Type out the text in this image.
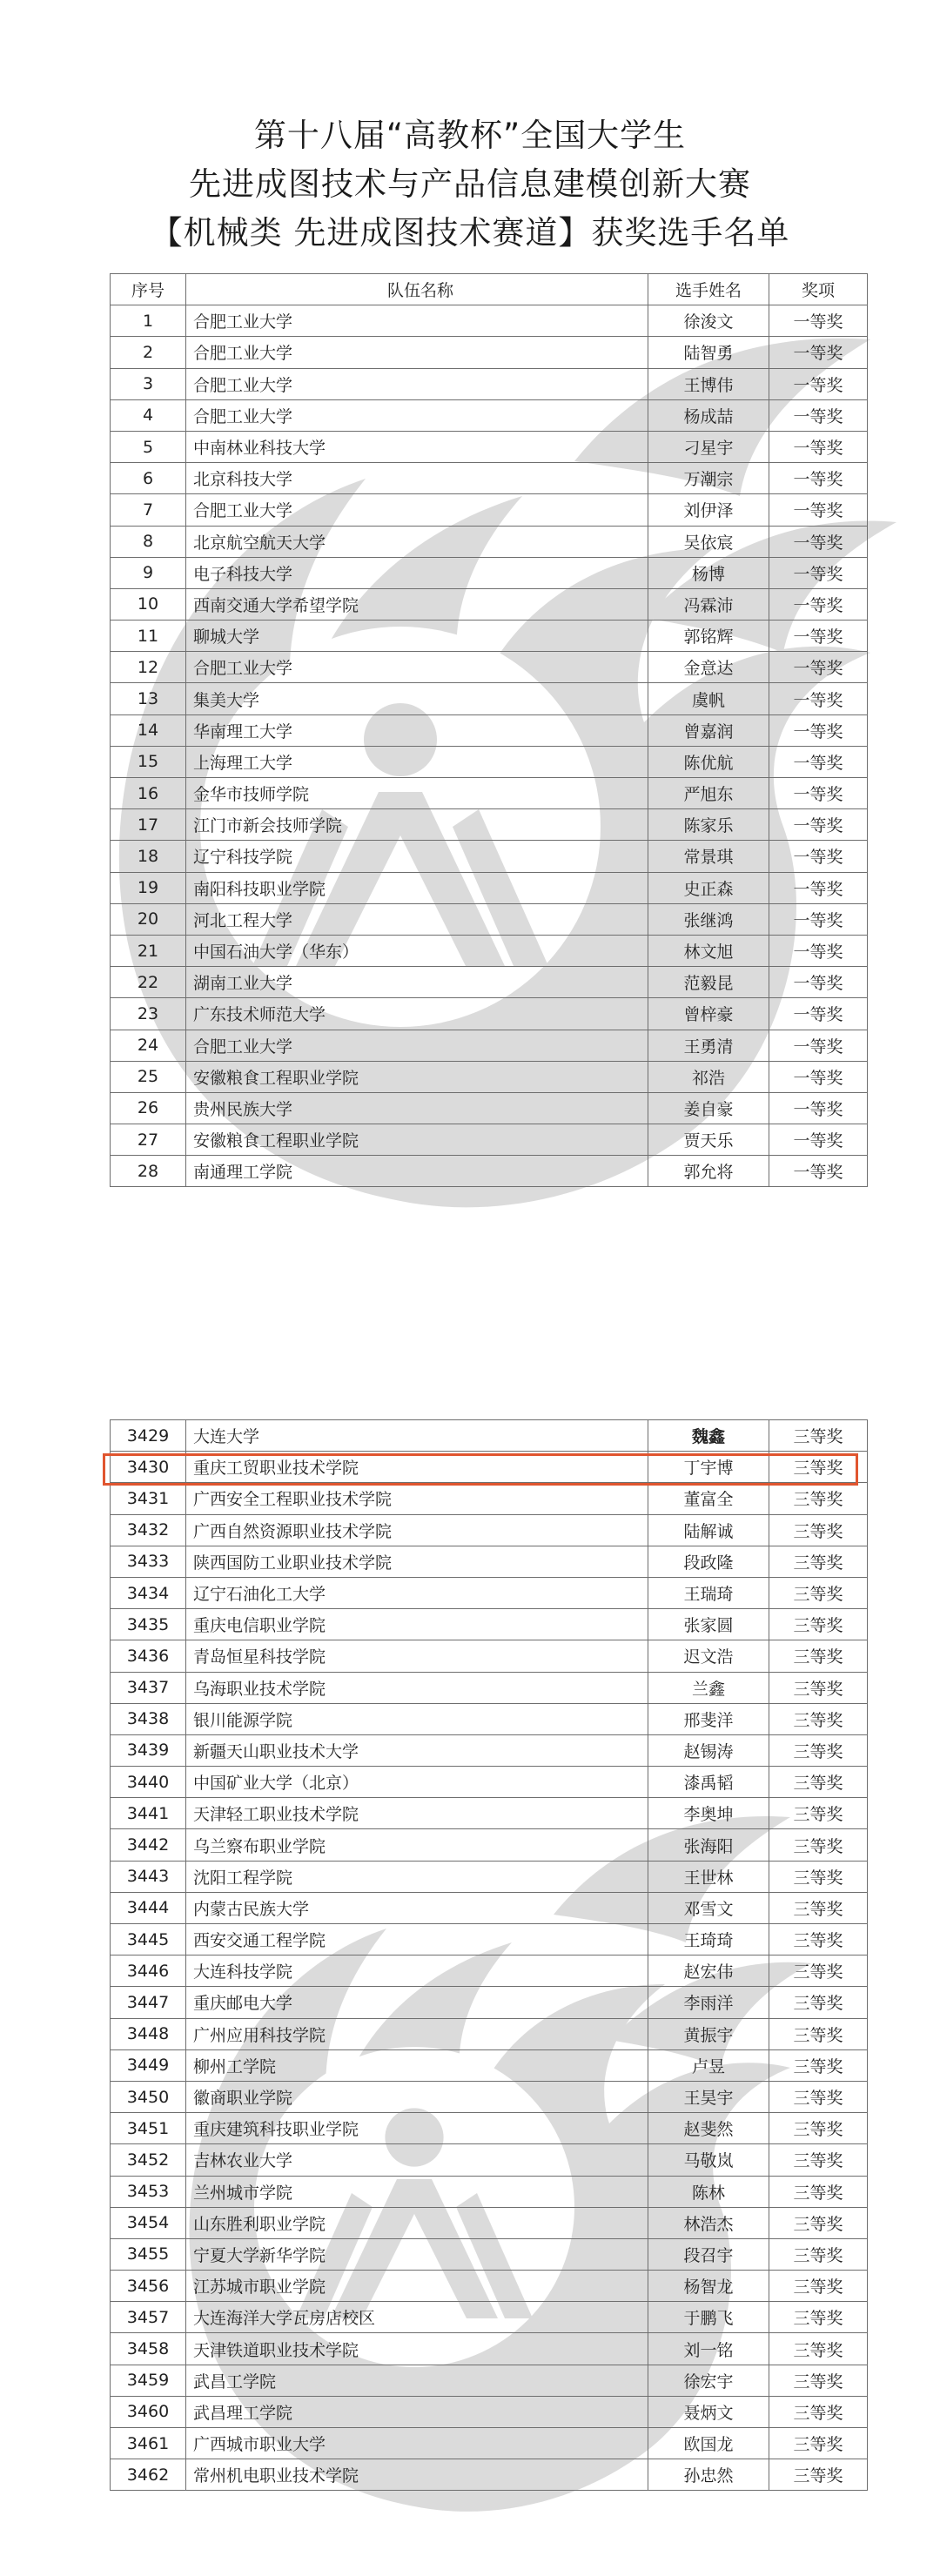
第十八届“高教杯”全国大学生
先进成图技术与产品信息建模创新大赛
【机械类 先进成图技术赛道】获奖选手名单
序号	队伍名称	选手姓名	奖项
1	合肥工业大学	徐浚文	一等奖
2	合肥工业大学	陆智勇	一等奖
3	合肥工业大学	王博伟	一等奖
4	合肥工业大学	杨成喆	一等奖
5	中南林业科技大学	刁星宇	一等奖
6	北京科技大学	万潮宗	一等奖
7	合肥工业大学	刘伊泽	一等奖
8	北京航空航天大学	吴依宸	一等奖
9	电子科技大学	杨博	一等奖
10	西南交通大学希望学院	冯霖沛	一等奖
11	聊城大学	郭铭辉	一等奖
12	合肥工业大学	金意达	一等奖
13	集美大学	虞帆	一等奖
14	华南理工大学	曾嘉润	一等奖
15	上海理工大学	陈优航	一等奖
16	金华市技师学院	严旭东	一等奖
17	江门市新会技师学院	陈家乐	一等奖
18	辽宁科技学院	常景琪	一等奖
19	南阳科技职业学院	史正森	一等奖
20	河北工程大学	张继鸿	一等奖
21	中国石油大学（华东）	林文旭	一等奖
22	湖南工业大学	范毅昆	一等奖
23	广东技术师范大学	曾梓豪	一等奖
24	合肥工业大学	王勇清	一等奖
25	安徽粮食工程职业学院	祁浩	一等奖
26	贵州民族大学	姜自豪	一等奖
27	安徽粮食工程职业学院	贾天乐	一等奖
28	南通理工学院	郭允将	一等奖
3429	大连大学	魏鑫	三等奖
3430	重庆工贸职业技术学院	丁宇博	三等奖
3431	广西安全工程职业技术学院	董富全	三等奖
3432	广西自然资源职业技术学院	陆解诚	三等奖
3433	陕西国防工业职业技术学院	段政隆	三等奖
3434	辽宁石油化工大学	王瑞琦	三等奖
3435	重庆电信职业学院	张家圆	三等奖
3436	青岛恒星科技学院	迟文浩	三等奖
3437	乌海职业技术学院	兰鑫	三等奖
3438	银川能源学院	邢斐洋	三等奖
3439	新疆天山职业技术大学	赵锡涛	三等奖
3440	中国矿业大学（北京）	漆禹韬	三等奖
3441	天津轻工职业技术学院	李奥坤	三等奖
3442	乌兰察布职业学院	张海阳	三等奖
3443	沈阳工程学院	王世林	三等奖
3444	内蒙古民族大学	邓雪文	三等奖
3445	西安交通工程学院	王琦琦	三等奖
3446	大连科技学院	赵宏伟	三等奖
3447	重庆邮电大学	李雨洋	三等奖
3448	广州应用科技学院	黄振宇	三等奖
3449	柳州工学院	卢昱	三等奖
3450	徽商职业学院	王昊宇	三等奖
3451	重庆建筑科技职业学院	赵斐然	三等奖
3452	吉林农业大学	马敬岚	三等奖
3453	兰州城市学院	陈林	三等奖
3454	山东胜利职业学院	林浩杰	三等奖
3455	宁夏大学新华学院	段召宇	三等奖
3456	江苏城市职业学院	杨智龙	三等奖
3457	大连海洋大学瓦房店校区	于鹏飞	三等奖
3458	天津铁道职业技术学院	刘一铭	三等奖
3459	武昌工学院	徐宏宇	三等奖
3460	武昌理工学院	聂炳文	三等奖
3461	广西城市职业大学	欧国龙	三等奖
3462	常州机电职业技术学院	孙忠然	三等奖
